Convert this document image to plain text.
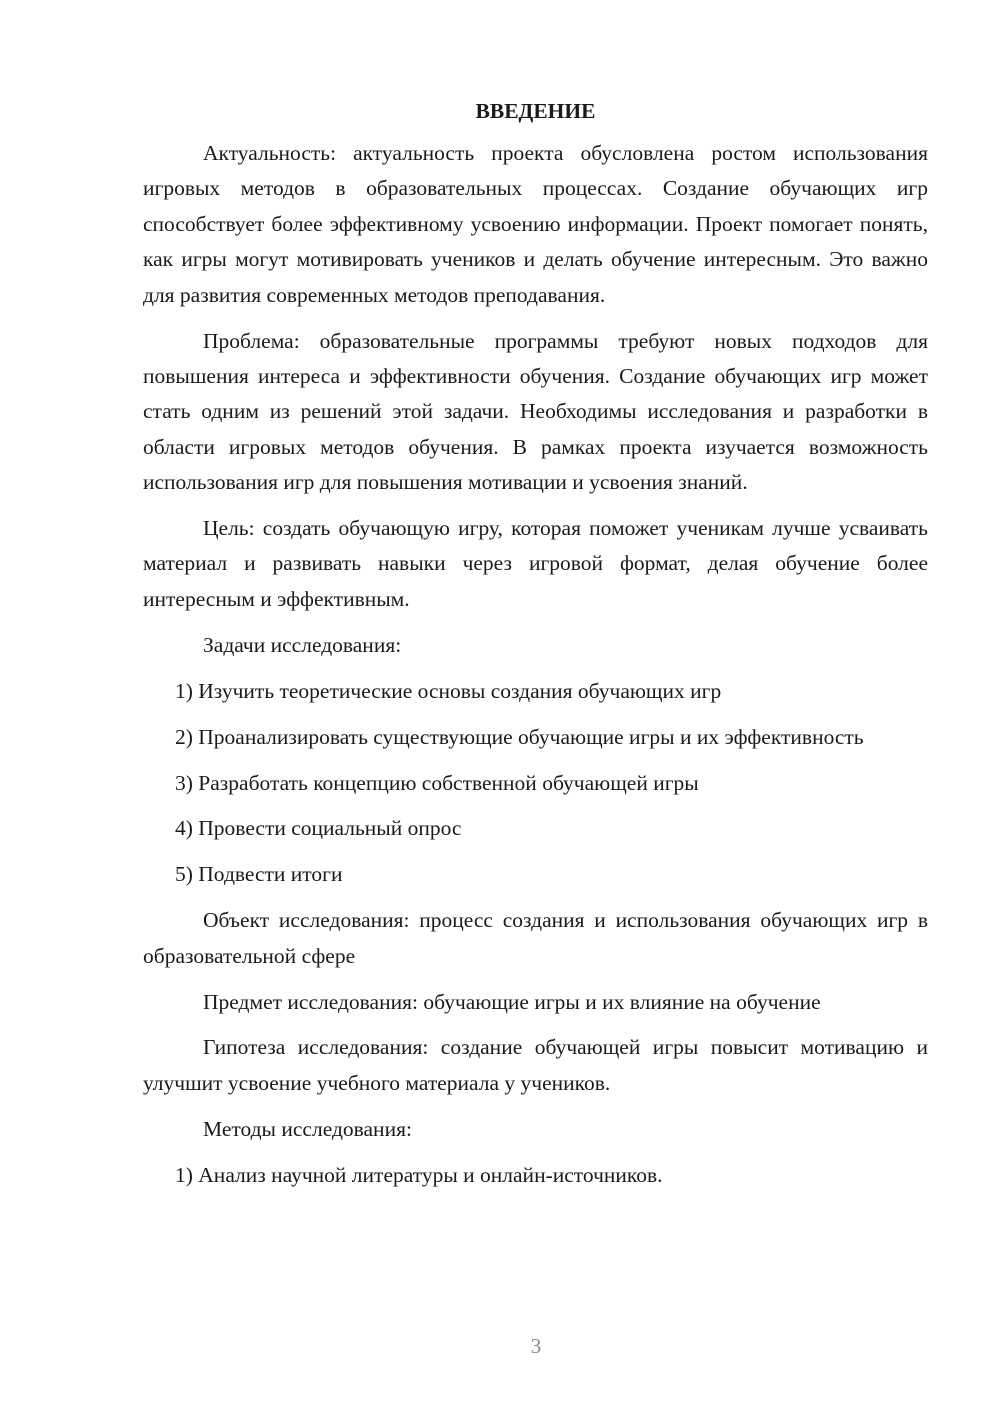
ВВЕДЕНИЕ

Актуальность: актуальность проекта обусловлена ростом использования игровых методов в образовательных процессах. Создание обучающих игр способствует более эффективному усвоению информации. Проект помогает понять, как игры могут мотивировать учеников и делать обучение интересным. Это важно для развития современных методов преподавания.

Проблема: образовательные программы требуют новых подходов для повышения интереса и эффективности обучения. Создание обучающих игр может стать одним из решений этой задачи. Необходимы исследования и разработки в области игровых методов обучения. В рамках проекта изучается возможность использования игр для повышения мотивации и усвоения знаний.

Цель: создать обучающую игру, которая поможет ученикам лучше усваивать материал и развивать навыки через игровой формат, делая обучение более интересным и эффективным.

Задачи исследования:

1) Изучить теоретические основы создания обучающих игр

2) Проанализировать существующие обучающие игры и их эффективность

3) Разработать концепцию собственной обучающей игры

4) Провести социальный опрос

5) Подвести итоги

Объект исследования: процесс создания и использования обучающих игр в образовательной сфере

Предмет исследования: обучающие игры и их влияние на обучение

Гипотеза исследования: создание обучающей игры повысит мотивацию и улучшит усвоение учебного материала у учеников.

Методы исследования:

1) Анализ научной литературы и онлайн-источников.

3
